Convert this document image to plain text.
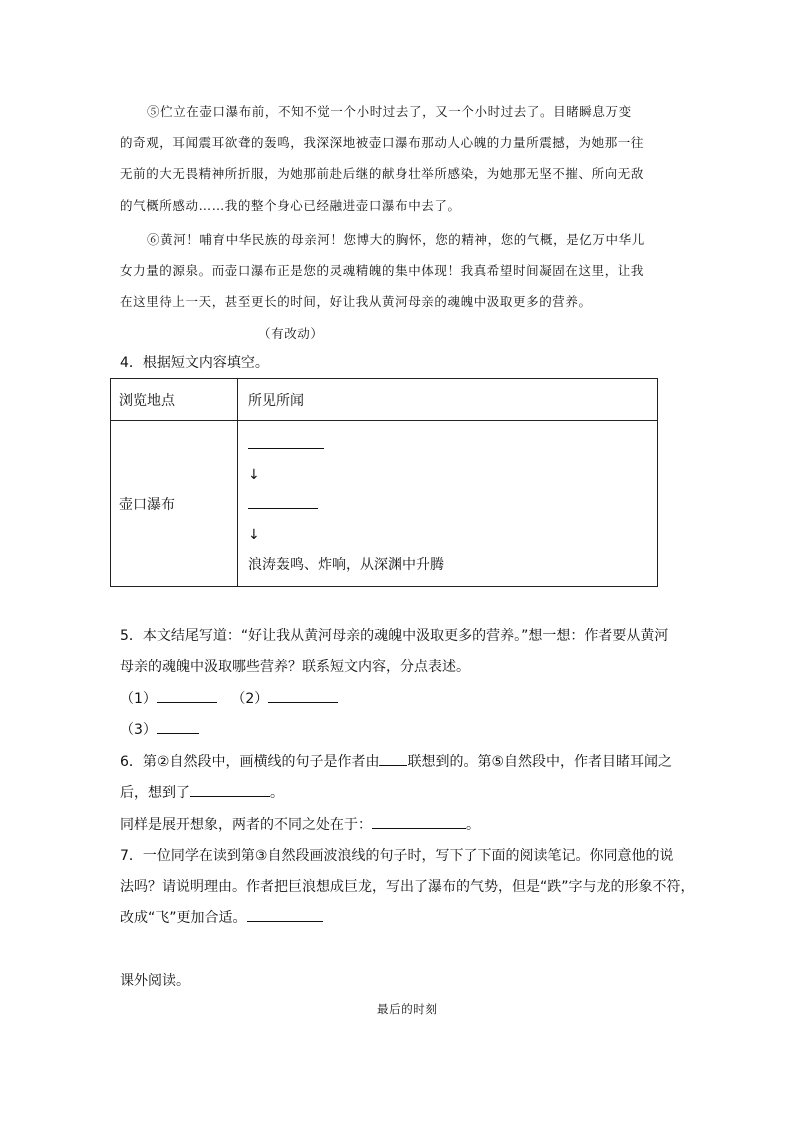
⑤伫立在壶口瀑布前，不知不觉一个小时过去了，又一个小时过去了。目睹瞬息万变
的奇观，耳闻震耳欲聋的轰鸣，我深深地被壶口瀑布那动人心魄的力量所震撼，为她那一往
无前的大无畏精神所折服，为她那前赴后继的献身壮举所感染，为她那无坚不摧、所向无敌
的气概所感动……我的整个身心已经融进壶口瀑布中去了。
⑥黄河！哺育中华民族的母亲河！您博大的胸怀，您的精神，您的气概，是亿万中华儿
女力量的源泉。而壶口瀑布正是您的灵魂精魄的集中体现！我真希望时间凝固在这里，让我
在这里待上一天，甚至更长的时间，好让我从黄河母亲的魂魄中汲取更多的营养。
（有改动）
4．根据短文内容填空。
浏览地点	所见所闻
壶口瀑布	↓
↓
浪涛轰鸣、炸响，从深渊中升腾
5．本文结尾写道：“好让我从黄河母亲的魂魄中汲取更多的营养。”想一想：作者要从黄河
母亲的魂魄中汲取哪些营养？联系短文内容，分点表述。
（1）	（2）
（3）
6．第②自然段中，画横线的句子是作者由 联想到的。第⑤自然段中，作者目睹耳闻之
后，想到了	。
同样是展开想象，两者的不同之处在于：	。
7．一位同学在读到第③自然段画波浪线的句子时，写下了下面的阅读笔记。你同意他的说
法吗？请说明理由。作者把巨浪想成巨龙，写出了瀑布的气势，但是“跌”字与龙的形象不符，
改成“飞”更加合适。
课外阅读。
最后的时刻
